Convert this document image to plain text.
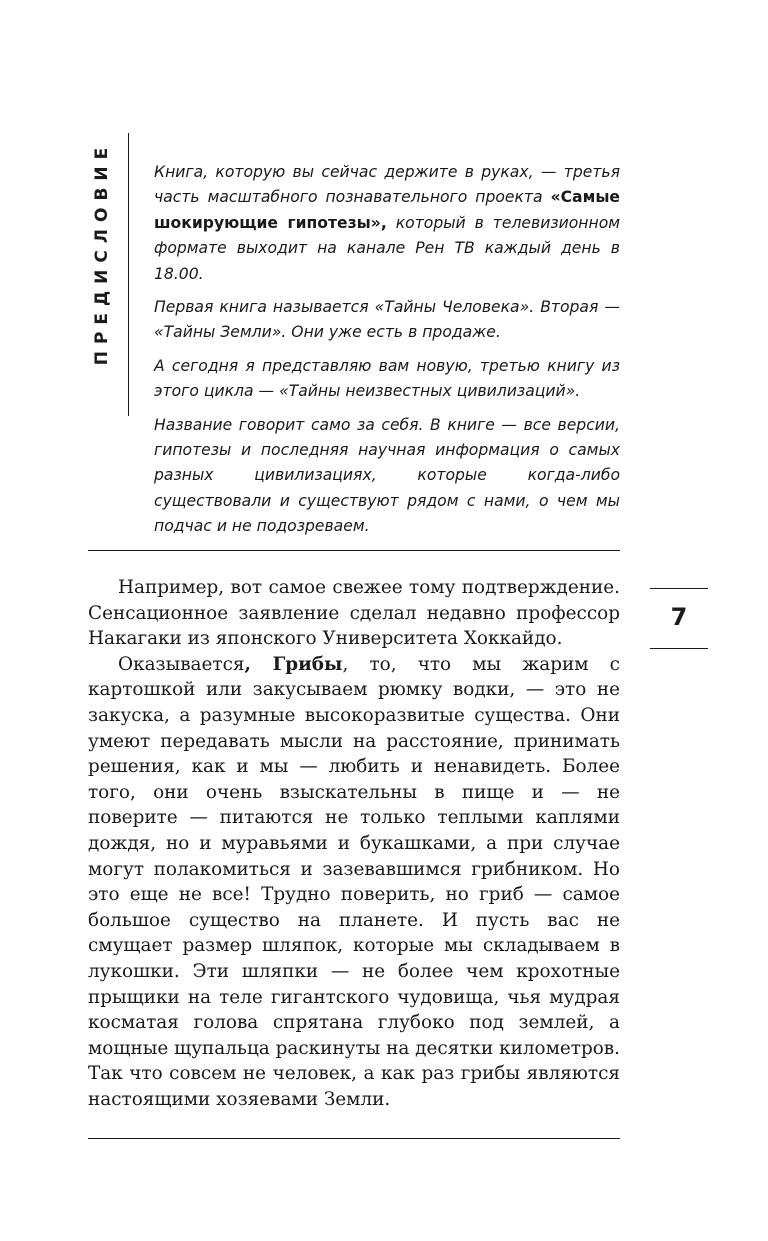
ПРЕДИСЛОВИЕ	Книга, которую вы сейчас держите в руках, — третья часть масштабного познавательного проекта «Самые шокирующие гипотезы», который в телевизионном формате выходит на канале Рен ТВ каждый день в 18.00.

Первая книга называется «Тайны Человека». Вторая — «Тайны Земли». Они уже есть в продаже.

А сегодня я представляю вам новую, третью книгу из этого цикла — «Тайны неизвестных цивилизаций».

Название говорит само за себя. В книге — все версии, гипотезы и последняя научная информация о самых разных цивилизациях, которые когда-либо существовали и существуют рядом с нами, о чем мы подчас и не подозреваем.

Например, вот самое свежее тому подтверждение. Сенсационное заявление сделал недавно профессор Накагаки из японского Университета Хоккайдо.

Оказывается, Грибы, то, что мы жарим с картошкой или закусываем рюмку водки, — это не закуска, а разумные высокоразвитые существа. Они умеют передавать мысли на расстояние, принимать решения, как и мы — любить и ненавидеть. Более того, они очень взыскательны в пище и — не поверите — питаются не только теплыми каплями дождя, но и муравьями и букашками, а при случае могут полакомиться и зазевавшимся грибником. Но это еще не все! Трудно поверить, но гриб — самое большое существо на планете. И пусть вас не смущает размер шляпок, которые мы складываем в лукошки. Эти шляпки — не более чем крохотные прыщики на теле гигантского чудовища, чья мудрая косматая голова спрятана глубоко под землей, а мощные щупальца раскинуты на десятки километров. Так что совсем не человек, а как раз грибы являются настоящими хозяевами Земли.

7
